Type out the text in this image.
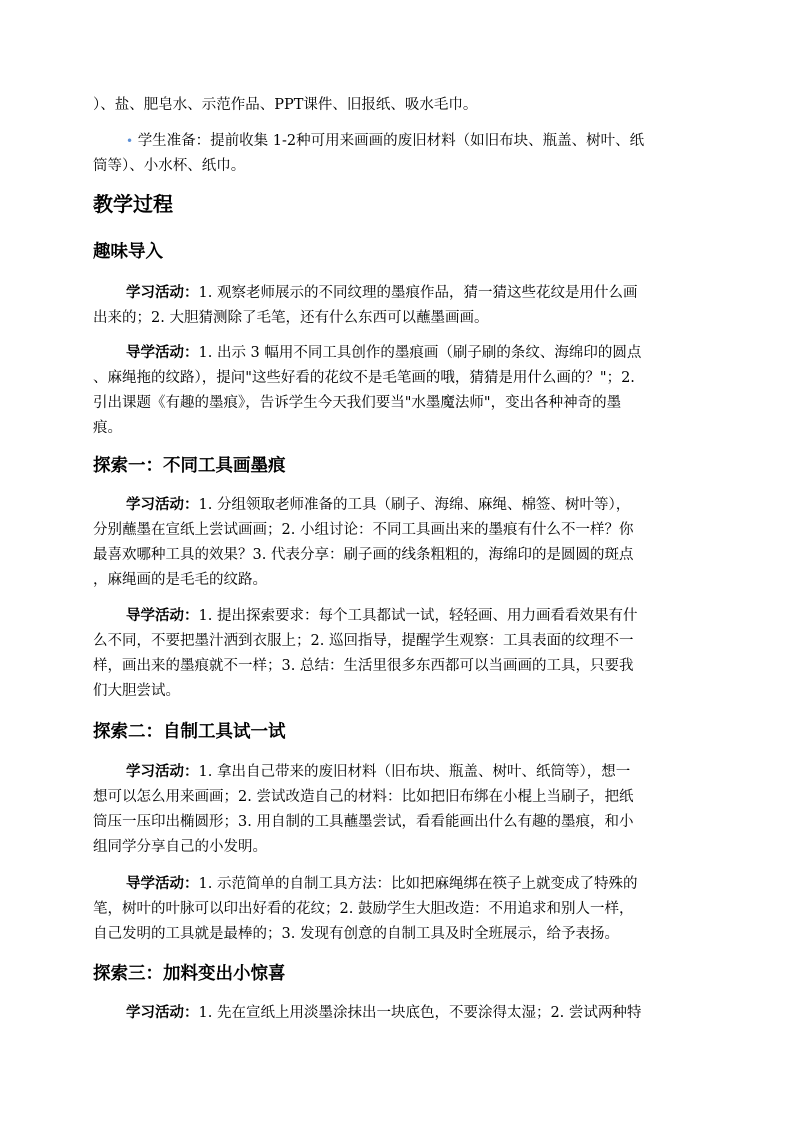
）、盐、肥皂水、示范作品、PPT课件、旧报纸、吸水毛巾。
• 学生准备：提前收集 1-2种可用来画画的废旧材料（如旧布块、瓶盖、树叶、纸
筒等）、小水杯、纸巾。
教学过程
趣味导入
学习活动：1. 观察老师展示的不同纹理的墨痕作品，猜一猜这些花纹是用什么画
出来的；2. 大胆猜测除了毛笔，还有什么东西可以蘸墨画画。
导学活动：1. 出示 3 幅用不同工具创作的墨痕画（刷子刷的条纹、海绵印的圆点
、麻绳拖的纹路），提问"这些好看的花纹不是毛笔画的哦，猜猜是用什么画的？"；2.
引出课题《有趣的墨痕》，告诉学生今天我们要当"水墨魔法师"，变出各种神奇的墨
痕。
探索一：不同工具画墨痕
学习活动：1. 分组领取老师准备的工具（刷子、海绵、麻绳、棉签、树叶等），
分别蘸墨在宣纸上尝试画画；2. 小组讨论：不同工具画出来的墨痕有什么不一样？你
最喜欢哪种工具的效果？3. 代表分享：刷子画的线条粗粗的，海绵印的是圆圆的斑点
，麻绳画的是毛毛的纹路。
导学活动：1. 提出探索要求：每个工具都试一试，轻轻画、用力画看看效果有什
么不同，不要把墨汁洒到衣服上；2. 巡回指导，提醒学生观察：工具表面的纹理不一
样，画出来的墨痕就不一样；3. 总结：生活里很多东西都可以当画画的工具，只要我
们大胆尝试。
探索二：自制工具试一试
学习活动：1. 拿出自己带来的废旧材料（旧布块、瓶盖、树叶、纸筒等），想一
想可以怎么用来画画；2. 尝试改造自己的材料：比如把旧布绑在小棍上当刷子，把纸
筒压一压印出椭圆形；3. 用自制的工具蘸墨尝试，看看能画出什么有趣的墨痕，和小
组同学分享自己的小发明。
导学活动：1. 示范简单的自制工具方法：比如把麻绳绑在筷子上就变成了特殊的
笔，树叶的叶脉可以印出好看的花纹；2. 鼓励学生大胆改造：不用追求和别人一样，
自己发明的工具就是最棒的；3. 发现有创意的自制工具及时全班展示，给予表扬。
探索三：加料变出小惊喜
学习活动：1. 先在宣纸上用淡墨涂抹出一块底色，不要涂得太湿；2. 尝试两种特
